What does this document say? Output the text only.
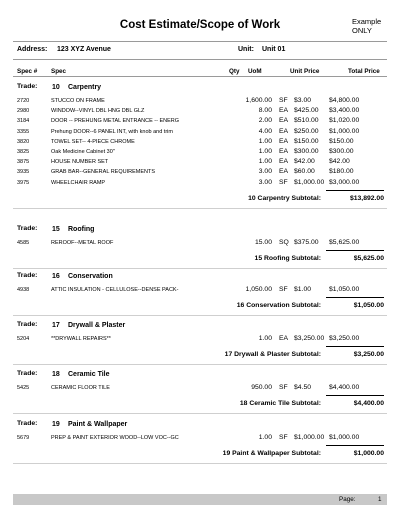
Cost Estimate/Scope of Work	Example
ONLY
Address: 123 XYZ Avenue	Unit: Unit 01
Spec # Spec	Qty UoM	Unit Price	Total Price
Trade: 10 Carpentry
2720	STUCCO ON FRAME	1,600.00 SF $3.00	$4,800.00
2980	WINDOW--VINYL DBL HNG DBL GLZ	8.00 EA $425.00 $3,400.00
3184	DOOR -- PREHUNG METAL ENTRANCE -- ENERG	2.00 EA $510.00 $1,020.00
3355	Prehung DOOR--6 PANEL INT, with knob and trim	4.00 EA $250.00 $1,000.00
3820	TOWEL SET-- 4-PIECE CHROME	1.00 EA $150.00 $150.00
3825	Oak Medicine Cabinet 30"	1.00 EA $300.00 $300.00
3875	HOUSE NUMBER SET	1.00 EA $42.00 $42.00
3935	GRAB BAR--GENERAL REQUIREMENTS	3.00 EA $60.00 $180.00
3975	WHEELCHAIR RAMP	3.00 SF $1,000.00 $3,000.00
10 Carpentry Subtotal:	$13,892.00
Trade: 15 Roofing
4585	REROOF--METAL ROOF	15.00 SQ $375.00 $5,625.00
15 Roofing Subtotal:	$5,625.00
Trade: 16 Conservation
4938	ATTIC INSULATION - CELLULOSE--DENSE PACK-	1,050.00 SF $1.00	$1,050.00
16 Conservation Subtotal:	$1,050.00
Trade: 17 Drywall & Plaster
5204	**DRYWALL REPAIRS**	1.00 EA $3,250.00 $3,250.00
17 Drywall & Plaster Subtotal:	$3,250.00
Trade: 18 Ceramic Tile
5425	CERAMIC FLOOR TILE	950.00 SF $4.50	$4,400.00
18 Ceramic Tile Subtotal:	$4,400.00
Trade: 19 Paint & Wallpaper
5679	PREP & PAINT EXTERIOR WOOD--LOW VOC--GC	1.00 SF $1,000.00 $1,000.00
19 Paint & Wallpaper Subtotal:	$1,000.00
Page:	1
